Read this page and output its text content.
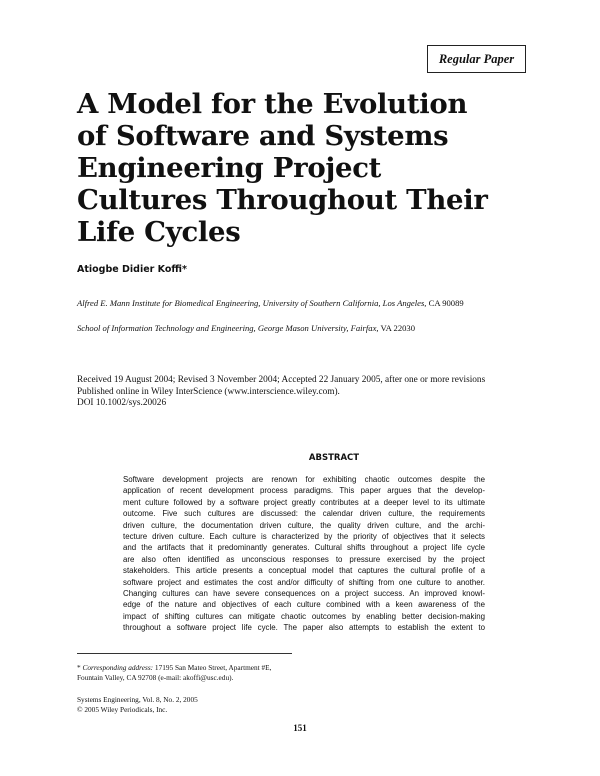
Regular Paper
A Model for the Evolution
of Software and Systems
Engineering Project
Cultures Throughout Their
Life Cycles
Atiogbe Didier Koffi*
Alfred E. Mann Institute for Biomedical Engineering, University of Southern California, Los Angeles, CA 90089
School of Information Technology and Engineering, George Mason University, Fairfax, VA 22030
Received 19 August 2004; Revised 3 November 2004; Accepted 22 January 2005, after one or more revisions
Published online in Wiley InterScience (www.interscience.wiley.com).
DOI 10.1002/sys.20026
ABSTRACT
Software development projects are renown for exhibiting chaotic outcomes despite the
application of recent development process paradigms. This paper argues that the develop-
ment culture followed by a software project greatly contributes at a deeper level to its ultimate
outcome. Five such cultures are discussed: the calendar driven culture, the requirements
driven culture, the documentation driven culture, the quality driven culture, and the archi-
tecture driven culture. Each culture is characterized by the priority of objectives that it selects
and the artifacts that it predominantly generates. Cultural shifts throughout a project life cycle
are also often identified as unconscious responses to pressure exercised by the project
stakeholders. This article presents a conceptual model that captures the cultural profile of a
software project and estimates the cost and/or difficulty of shifting from one culture to another.
Changing cultures can have severe consequences on a project success. An improved knowl-
edge of the nature and objectives of each culture combined with a keen awareness of the
impact of shifting cultures can mitigate chaotic outcomes by enabling better decision-making
throughout a software project life cycle. The paper also attempts to establish the extent to
* Corresponding address: 17195 San Mateo Street, Apartment #E,
Fountain Valley, CA 92708 (e-mail: akoffi@usc.edu).
Systems Engineering, Vol. 8, No. 2, 2005
© 2005 Wiley Periodicals, Inc.
151
